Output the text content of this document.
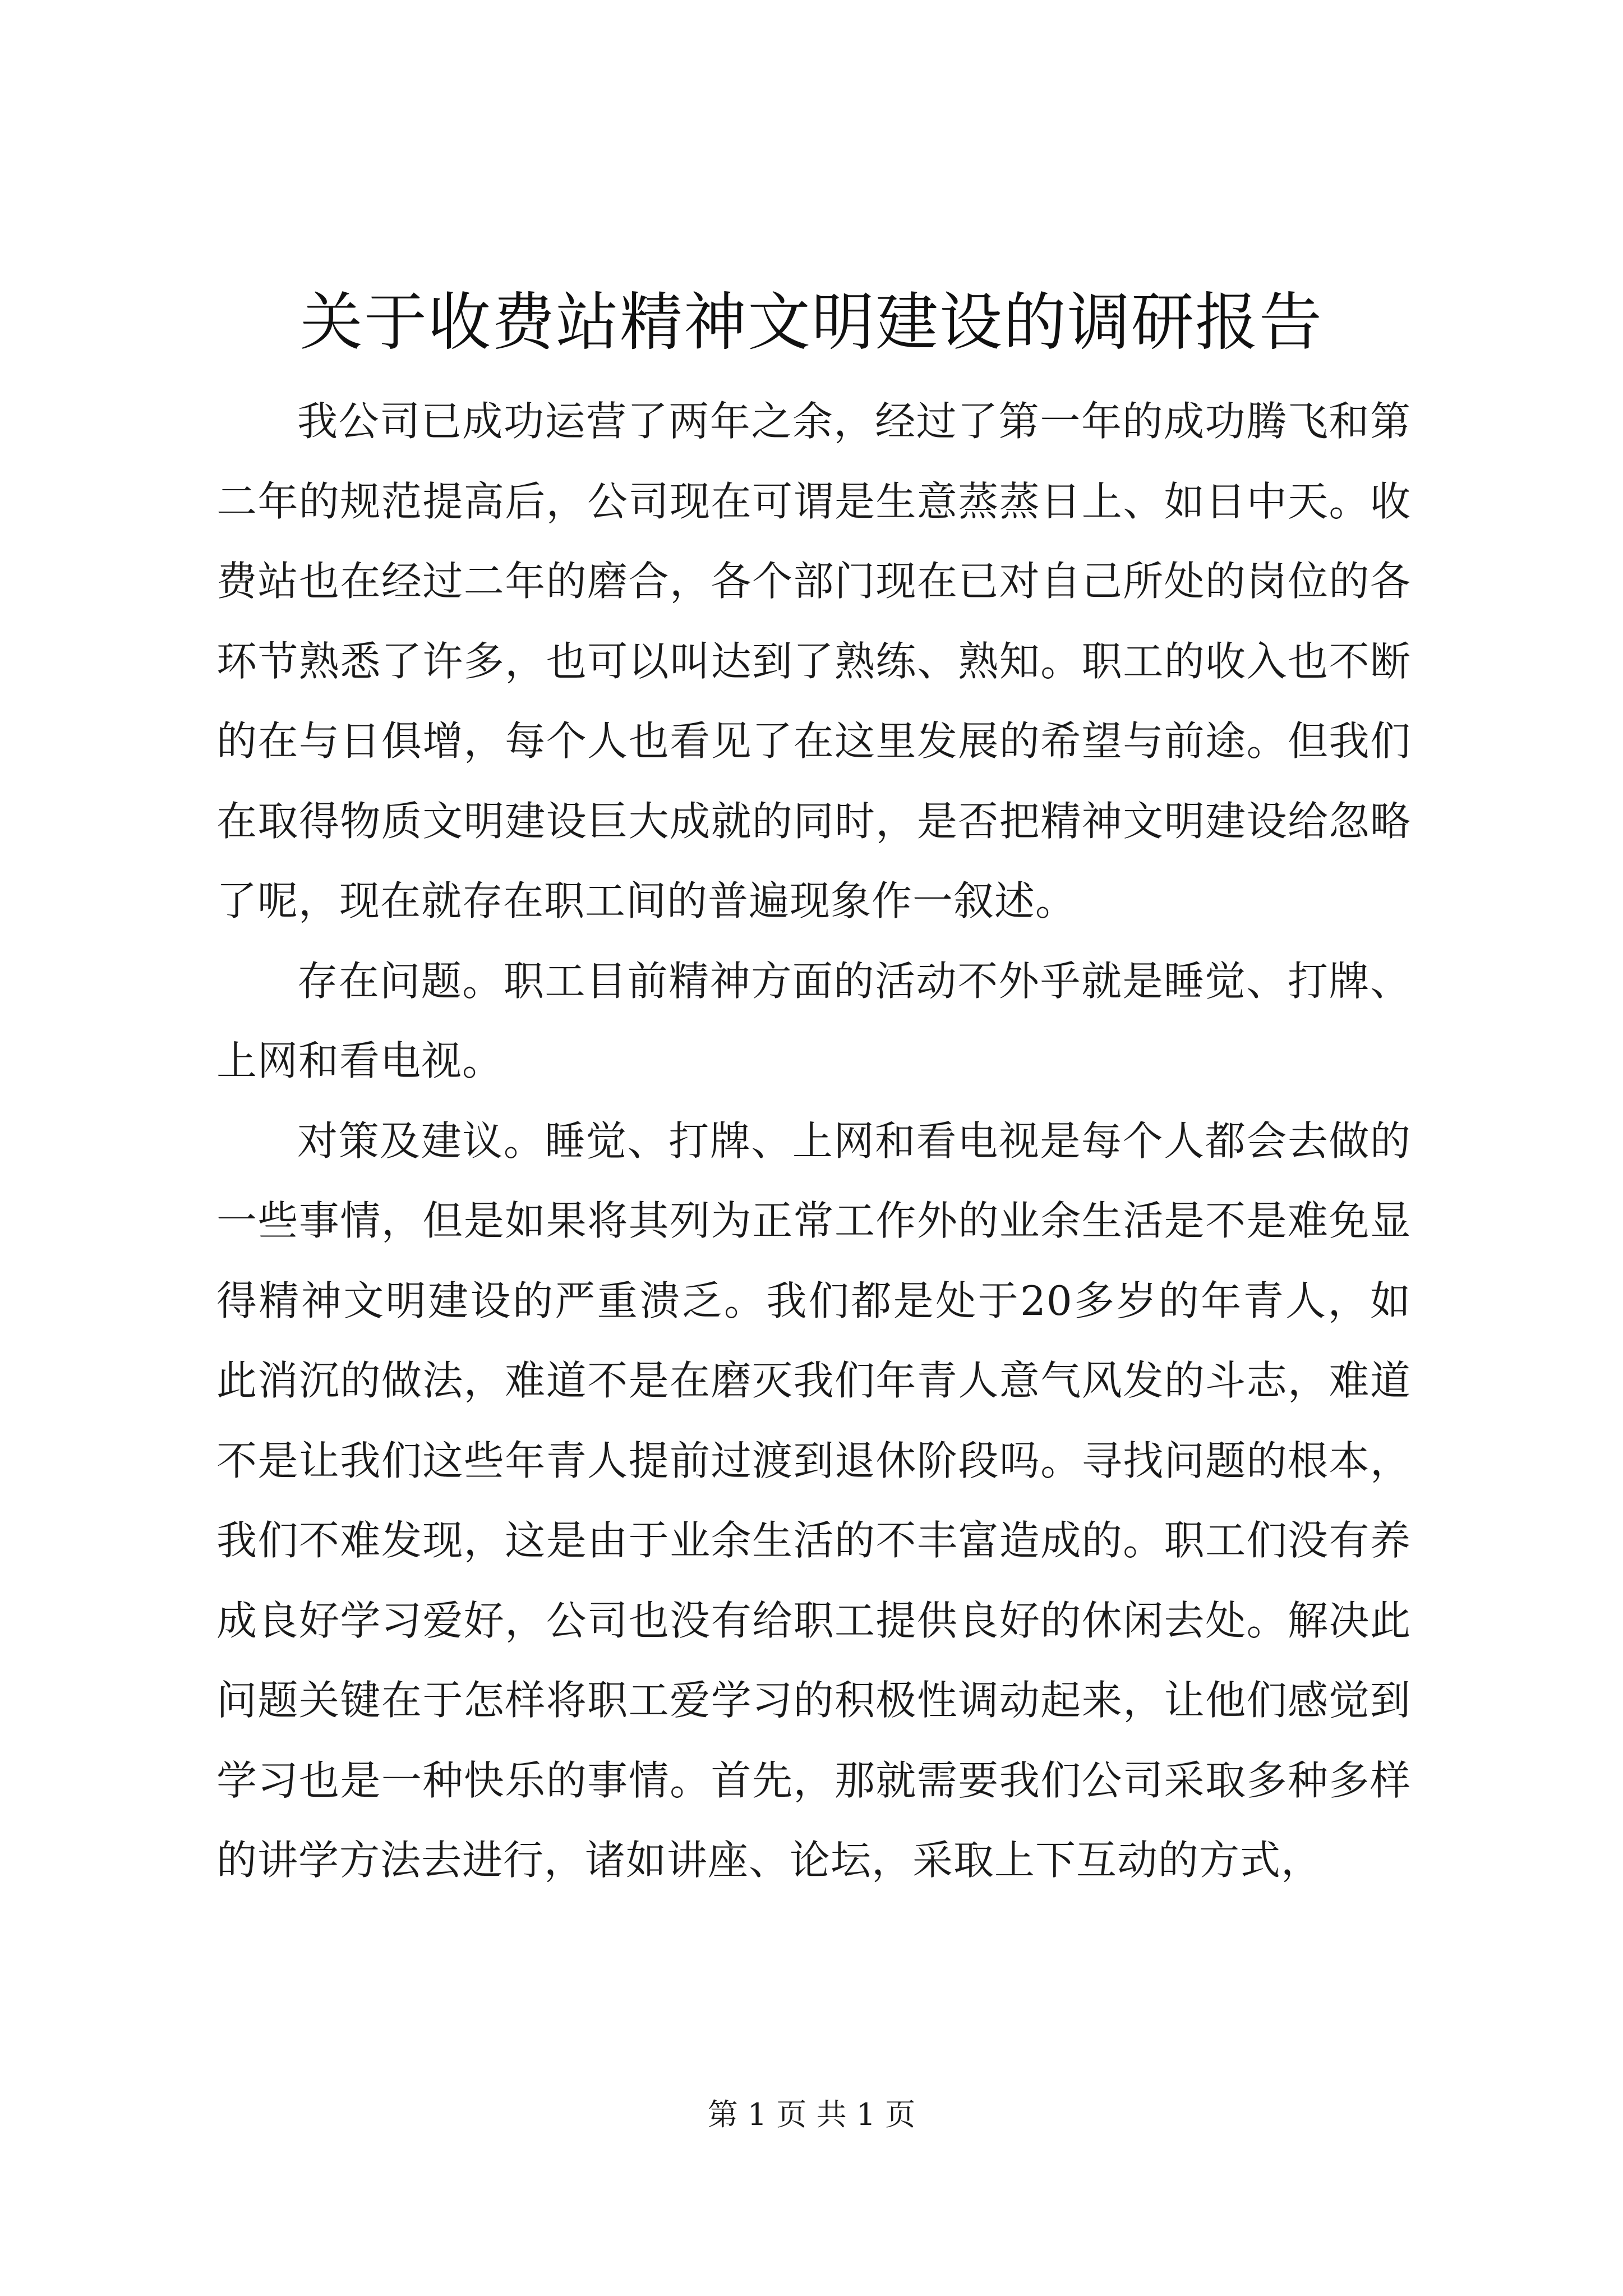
关于收费站精神文明建设的调研报告

我公司已成功运营了两年之余，经过了第一年的成功腾飞和第二年的规范提高后，公司现在可谓是生意蒸蒸日上、如日中天。收费站也在经过二年的磨合，各个部门现在已对自己所处的岗位的各环节熟悉了许多，也可以叫达到了熟练、熟知。职工的收入也不断的在与日俱增，每个人也看见了在这里发展的希望与前途。但我们在取得物质文明建设巨大成就的同时，是否把精神文明建设给忽略了呢，现在就存在职工间的普遍现象作一叙述。

存在问题。职工目前精神方面的活动不外乎就是睡觉、打牌、上网和看电视。

对策及建议。睡觉、打牌、上网和看电视是每个人都会去做的一些事情，但是如果将其列为正常工作外的业余生活是不是难免显得精神文明建设的严重溃乏。我们都是处于20多岁的年青人，如此消沉的做法，难道不是在磨灭我们年青人意气风发的斗志，难道不是让我们这些年青人提前过渡到退休阶段吗。寻找问题的根本，我们不难发现，这是由于业余生活的不丰富造成的。职工们没有养成良好学习爱好，公司也没有给职工提供良好的休闲去处。解决此问题关键在于怎样将职工爱学习的积极性调动起来，让他们感觉到学习也是一种快乐的事情。首先，那就需要我们公司采取多种多样的讲学方法去进行，诸如讲座、论坛，采取上下互动的方式，

第 1 页 共 1 页
